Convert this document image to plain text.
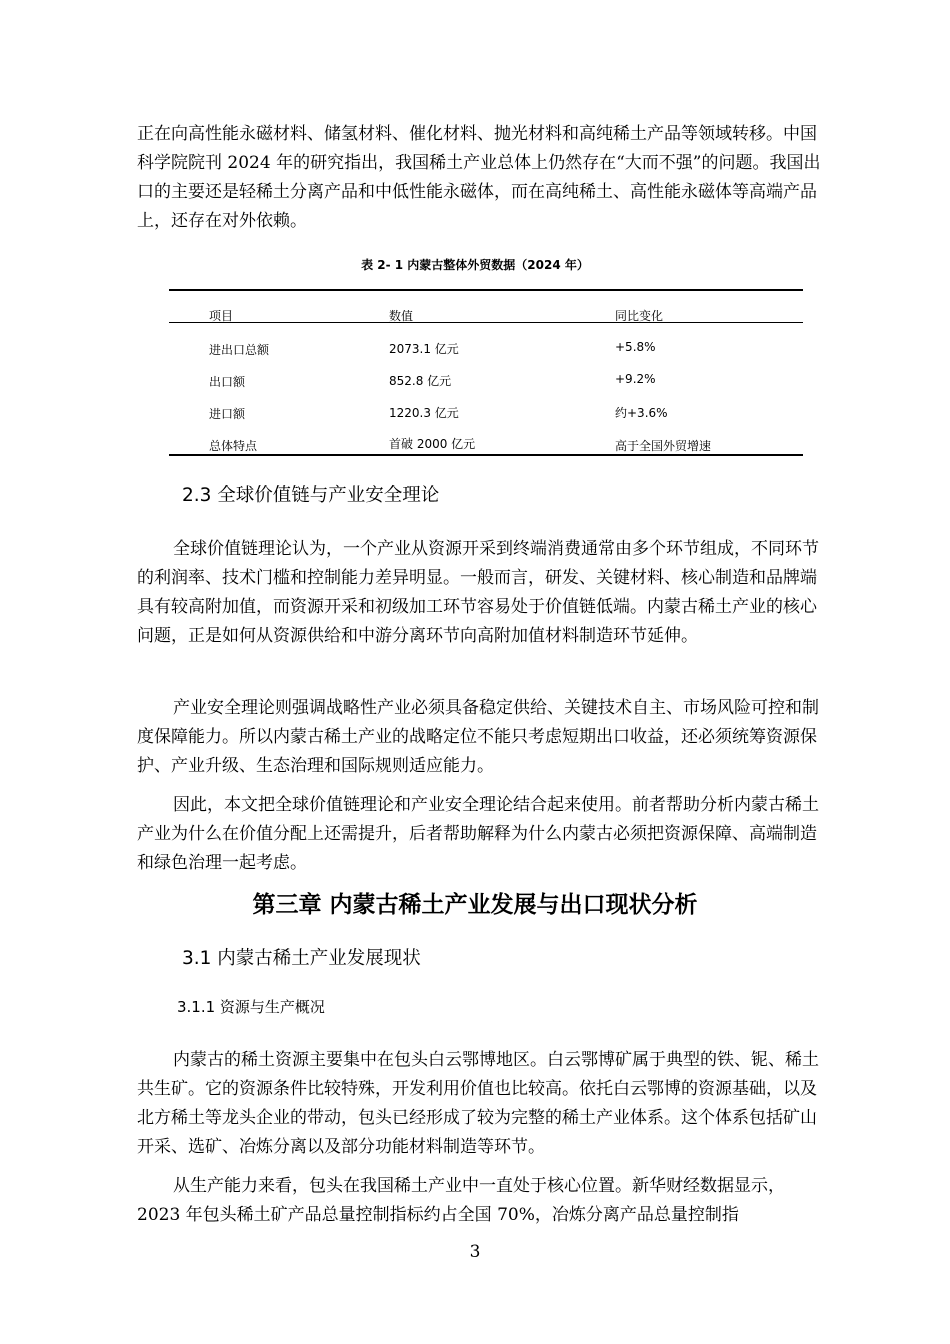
正在向高性能永磁材料、储氢材料、催化材料、抛光材料和高纯稀土产品等领域转移。中国科学院院刊 2024 年的研究指出，我国稀土产业总体上仍然存在“大而不强”的问题。我国出口的主要还是轻稀土分离产品和中低性能永磁体，而在高纯稀土、高性能永磁体等高端产品上，还存在对外依赖。

表 2- 1 内蒙古整体外贸数据（2024 年）
项目	数值	同比变化
进出口总额	2073.1 亿元	+5.8%
出口额	852.8 亿元	+9.2%
进口额	1220.3 亿元	约+3.6%
总体特点	首破 2000 亿元	高于全国外贸增速
2.3 全球价值链与产业安全理论

全球价值链理论认为，一个产业从资源开采到终端消费通常由多个环节组成，不同环节的利润率、技术门槛和控制能力差异明显。一般而言，研发、关键材料、核心制造和品牌端具有较高附加值，而资源开采和初级加工环节容易处于价值链低端。内蒙古稀土产业的核心问题，正是如何从资源供给和中游分离环节向高附加值材料制造环节延伸。

产业安全理论则强调战略性产业必须具备稳定供给、关键技术自主、市场风险可控和制度保障能力。所以内蒙古稀土产业的战略定位不能只考虑短期出口收益，还必须统筹资源保护、产业升级、生态治理和国际规则适应能力。

因此，本文把全球价值链理论和产业安全理论结合起来使用。前者帮助分析内蒙古稀土产业为什么在价值分配上还需提升，后者帮助解释为什么内蒙古必须把资源保障、高端制造和绿色治理一起考虑。

第三章 内蒙古稀土产业发展与出口现状分析
3.1 内蒙古稀土产业发展现状
3.1.1 资源与生产概况

内蒙古的稀土资源主要集中在包头白云鄂博地区。白云鄂博矿属于典型的铁、铌、稀土共生矿。它的资源条件比较特殊，开发利用价值也比较高。依托白云鄂博的资源基础，以及北方稀土等龙头企业的带动，包头已经形成了较为完整的稀土产业体系。这个体系包括矿山开采、选矿、冶炼分离以及部分功能材料制造等环节。

从生产能力来看，包头在我国稀土产业中一直处于核心位置。新华财经数据显示，2023 年包头稀土矿产品总量控制指标约占全国 70%，冶炼分离产品总量控制指

3
